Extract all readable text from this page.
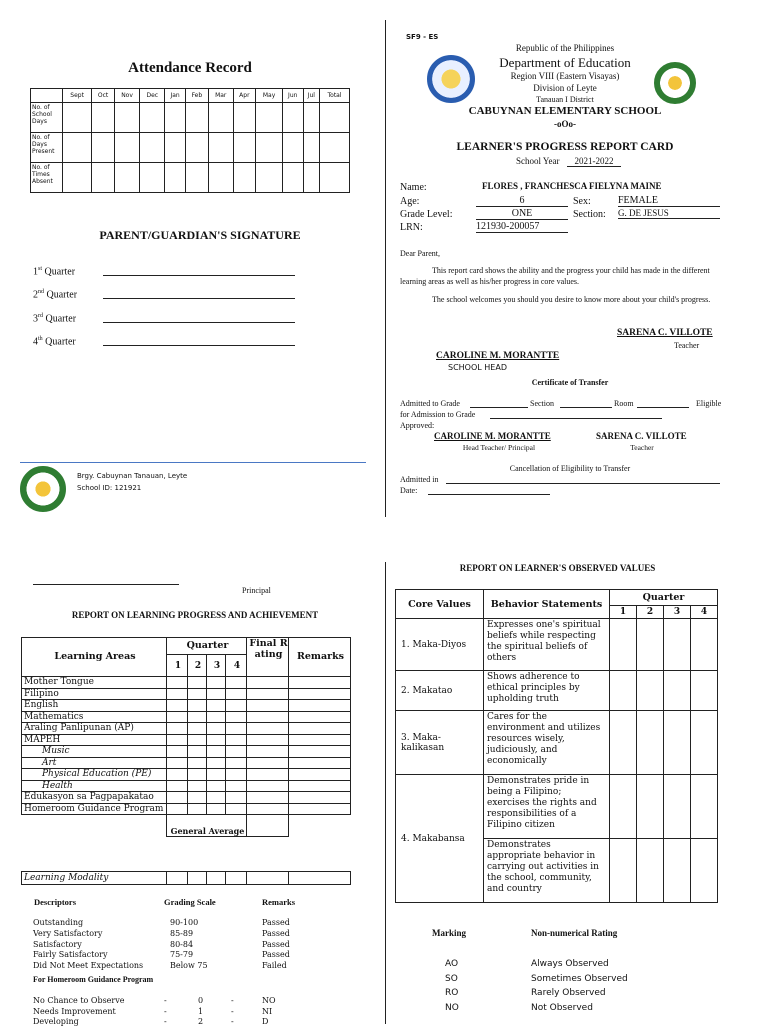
Attendance Record
	Sept	Oct	Nov	Dec	Jan	Feb	Mar	Apr	May	Jun	Jul	Total
No. of School Days												
No. of Days Present												
No. of Times Absent												
PARENT/GUARDIAN'S SIGNATURE
1st Quarter
2nd Quarter
3rd Quarter
4th Quarter
Brgy. Cabuynan Tanauan, Leyte
School ID: 121921
SF9 - ES
Republic of the Philippines
Department of Education
Region VIII (Eastern Visayas)
Division of Leyte
Tanauan I District
CABUYNAN ELEMENTARY SCHOOL
-oOo-
LEARNER'S PROGRESS REPORT CARD
School Year	2021-2022
Name:	FLORES , FRANCHESCA FIELYNA MAINE
Age:	6	Sex:	FEMALE
Grade Level:	ONE	Section: G. DE JESUS
LRN:	121930-200057
Dear Parent,
This report card shows the ability and the progress your child has made in the different learning areas as well as his/her progress in core values.
The school welcomes you should you desire to know more about your child's progress.
SARENA C. VILLOTE
Teacher
CAROLINE M. MORANTTE
SCHOOL HEAD
Certificate of Transfer
Admitted to Grade	Section	Room	Eligible
for Admission to Grade
Approved:
CAROLINE M. MORANTTE
Head Teacher/ Principal
SARENA C. VILLOTE
Teacher
Cancellation of Eligibility to Transfer
Admitted in
Date:
Principal
REPORT ON LEARNING PROGRESS AND ACHIEVEMENT
Learning Areas	Quarter				Final Rating	Remarks
	1	2	3	4		
Mother Tongue						
Filipino						
English						
Mathematics						
Araling Panlipunan (AP)						
MAPEH						
Music						
Art						
Physical Education (PE)						
Health						
Edukasyon sa Pagpapakatao						
Homeroom Guidance Program						
	General Average					
Learning Modality						
Descriptors	Grading Scale	Remarks
Outstanding	90-100	Passed
Very Satisfactory	85-89	Passed
Satisfactory	80-84	Passed
Fairly Satisfactory	75-79	Passed
Did Not Meet Expectations	Below 75	Failed
For Homeroom Guidance Program
No Chance to Observe	-	0	-	NO
Needs Improvement	-	1	-	NI
Developing	-	2	-	D
REPORT ON LEARNER'S OBSERVED VALUES
Core Values	Behavior Statements	Quarter			
		1	2	3	4
1. Maka-Diyos	Expresses one's spiritual beliefs while respecting the spiritual beliefs of others				
2. Makatao	Shows adherence to ethical principles by upholding truth				
3. Maka-kalikasan	Cares for the environment and utilizes resources wisely, judiciously, and economically				
4. Makabansa	Demonstrates pride in being a Filipino; exercises the rights and responsibilities of a Filipino citizen				
	Demonstrates appropriate behavior in carrying out activities in the school, community, and country				
Marking	Non-numerical Rating
AO	Always Observed
SO	Sometimes Observed
RO	Rarely Observed
NO	Not Observed
